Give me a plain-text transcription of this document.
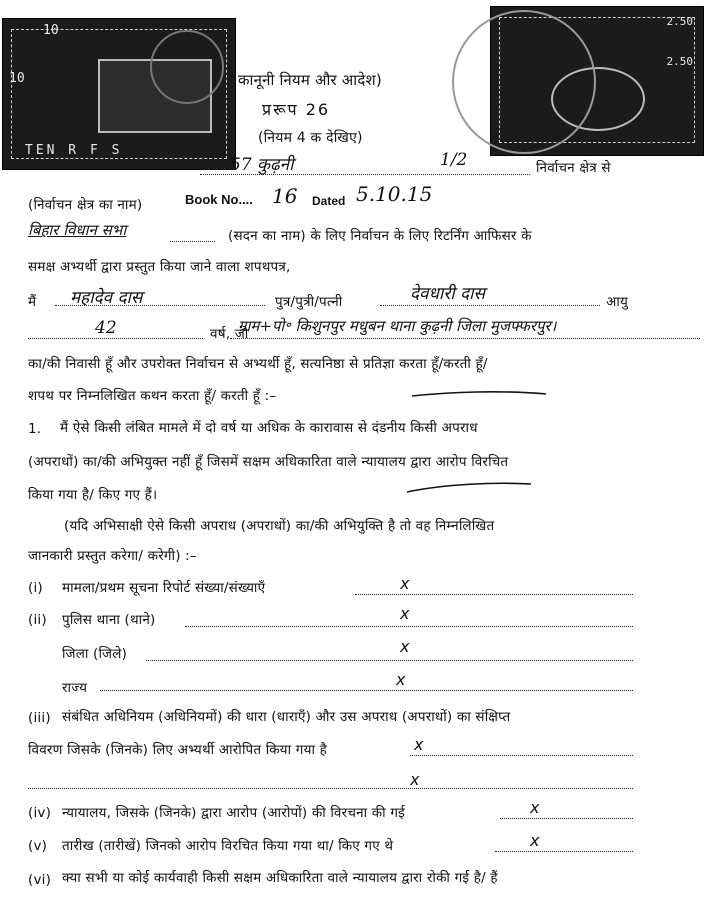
10
10
TEN R F S
2.50
2.50
कानूनी नियम और आदेश)
प्ररूप 26
(नियम 4 क देखिए)
57 कुढ़नी	1/2	निर्वाचन क्षेत्र से
(निर्वाचन क्षेत्र का नाम)	Book No.... 16 Dated 5.10.15
बिहार विधान सभा	(सदन का नाम) के लिए निर्वाचन के लिए रिटर्निंग आफिसर के
समक्ष अभ्यर्थी द्वारा प्रस्तुत किया जाने वाला शपथपत्र,
मैं महादेव दास	पुत्र/पुत्री/पत्नी	देवधारी दास	आयु
42	वर्ष, जो
ग्राम+पो॰ किशुनपुर मधुबन थाना कुढ़नी जिला मुजफ्फरपुर।
का/की निवासी हूँ और उपरोक्त निर्वाचन से अभ्यर्थी हूँ, सत्यनिष्ठा से प्रतिज्ञा करता हूँ/करती हूँ/
शपथ पर निम्नलिखित कथन करता हूँ/ करती हूँ :–
1. मैं ऐसे किसी लंबित मामले में दो वर्ष या अधिक के कारावास से दंडनीय किसी अपराध
(अपराधों) का/की अभियुक्त नहीं हूँ जिसमें सक्षम अधिकारिता वाले न्यायालय द्वारा आरोप विरचित
किया गया है/ किए गए हैं।
(यदि अभिसाक्षी ऐसे किसी अपराध (अपराधों) का/की अभियुक्ति है तो वह निम्नलिखित
जानकारी प्रस्तुत करेगा/ करेगी) :–
(i) मामला/प्रथम सूचना रिपोर्ट संख्या/संख्याएँ	x
(ii) पुलिस थाना (थाने)	x
जिला (जिले)	x
राज्य	x
(iii) संबंधित अधिनियम (अधिनियमों) की धारा (धाराएँ) और उस अपराध (अपराधों) का संक्षिप्त
विवरण जिसके (जिनके) लिए अभ्यर्थी आरोपित किया गया है	x
x
(iv) न्यायालय, जिसके (जिनके) द्वारा आरोप (आरोपों) की विरचना की गई	x
(v) तारीख (तारीखें) जिनको आरोप विरचित किया गया था/ किए गए थे	x
(vi) क्या सभी या कोई कार्यवाही किसी सक्षम अधिकारिता वाले न्यायालय द्वारा रोकी गई है/ हैं
